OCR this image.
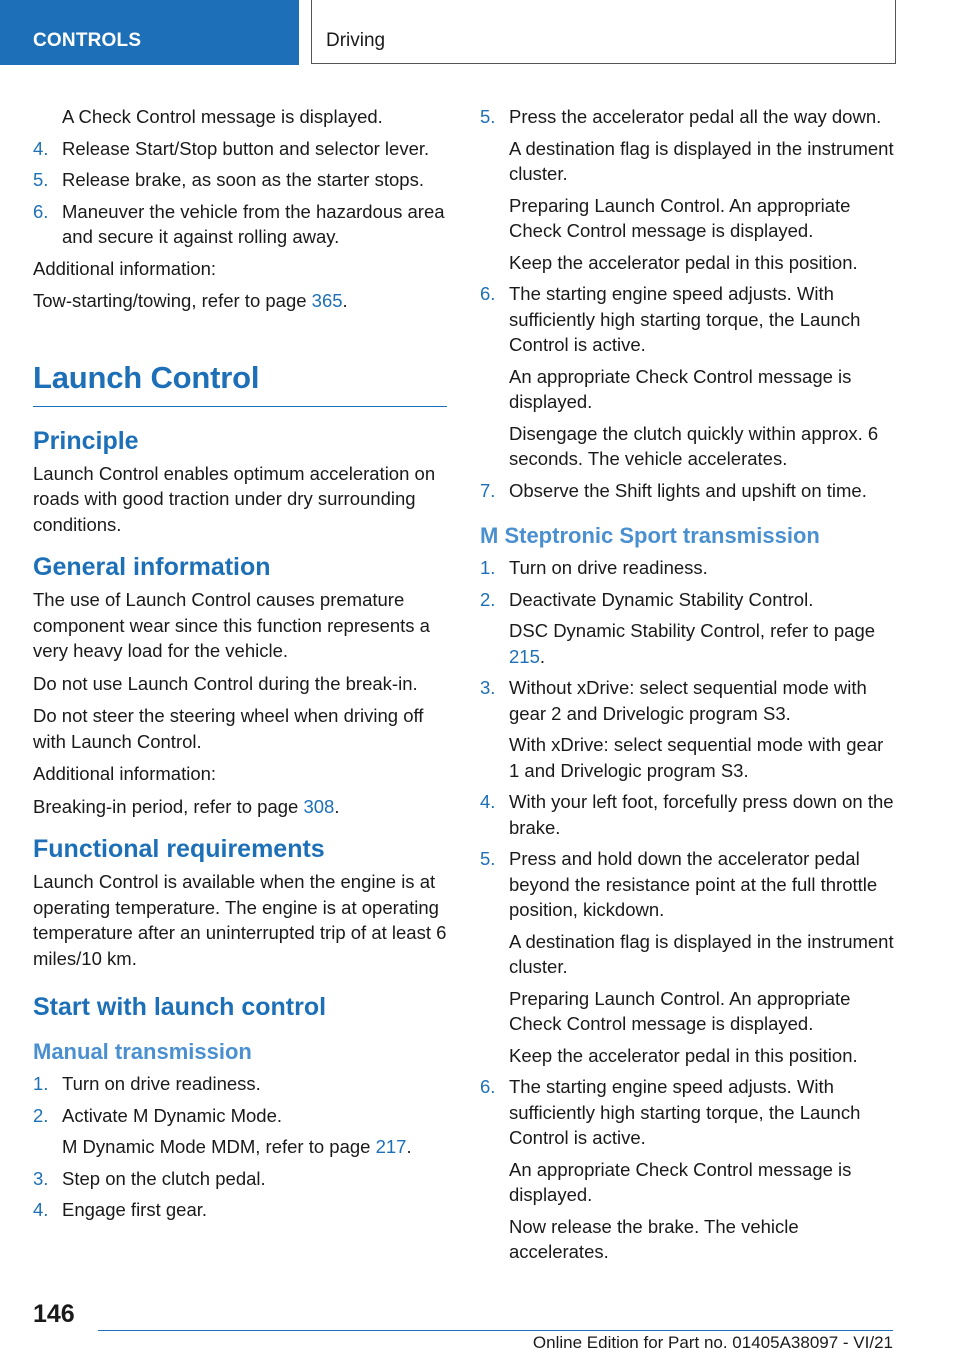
CONTROLS	Driving

A Check Control message is displayed.

4. Release Start/Stop button and selector lever.
5. Release brake, as soon as the starter stops.
6. Maneuver the vehicle from the hazardous area and secure it against rolling away.

Additional information:

Tow-starting/towing, refer to page 365.

Launch Control
Principle

Launch Control enables optimum acceleration on roads with good traction under dry surrounding conditions.

General information

The use of Launch Control causes premature component wear since this function represents a very heavy load for the vehicle.

Do not use Launch Control during the break-in.

Do not steer the steering wheel when driving off with Launch Control.

Additional information:

Breaking-in period, refer to page 308.

Functional requirements

Launch Control is available when the engine is at operating temperature. The engine is at operating temperature after an uninterrupted trip of at least 6 miles/10 km.

Start with launch control
Manual transmission
1. Turn on drive readiness.
2. Activate M Dynamic Mode.

M Dynamic Mode MDM, refer to page 217.

3. Step on the clutch pedal.
4. Engage first gear.
5. Press the accelerator pedal all the way down.

A destination flag is displayed in the instrument cluster.

Preparing Launch Control. An appropriate Check Control message is displayed.

Keep the accelerator pedal in this position.

6. The starting engine speed adjusts. With sufficiently high starting torque, the Launch Control is active.

An appropriate Check Control message is displayed.

Disengage the clutch quickly within approx. 6 seconds. The vehicle accelerates.

7. Observe the Shift lights and upshift on time.
M Steptronic Sport transmission
1. Turn on drive readiness.
2. Deactivate Dynamic Stability Control.

DSC Dynamic Stability Control, refer to page 215.

3. Without xDrive: select sequential mode with gear 2 and Drivelogic program S3.

With xDrive: select sequential mode with gear 1 and Drivelogic program S3.

4. With your left foot, forcefully press down on the brake.
5. Press and hold down the accelerator pedal beyond the resistance point at the full throttle position, kickdown.

A destination flag is displayed in the instrument cluster.

Preparing Launch Control. An appropriate Check Control message is displayed.

Keep the accelerator pedal in this position.

6. The starting engine speed adjusts. With sufficiently high starting torque, the Launch Control is active.

An appropriate Check Control message is displayed.

Now release the brake. The vehicle accelerates.

146
Online Edition for Part no. 01405A38097 - VI/21
